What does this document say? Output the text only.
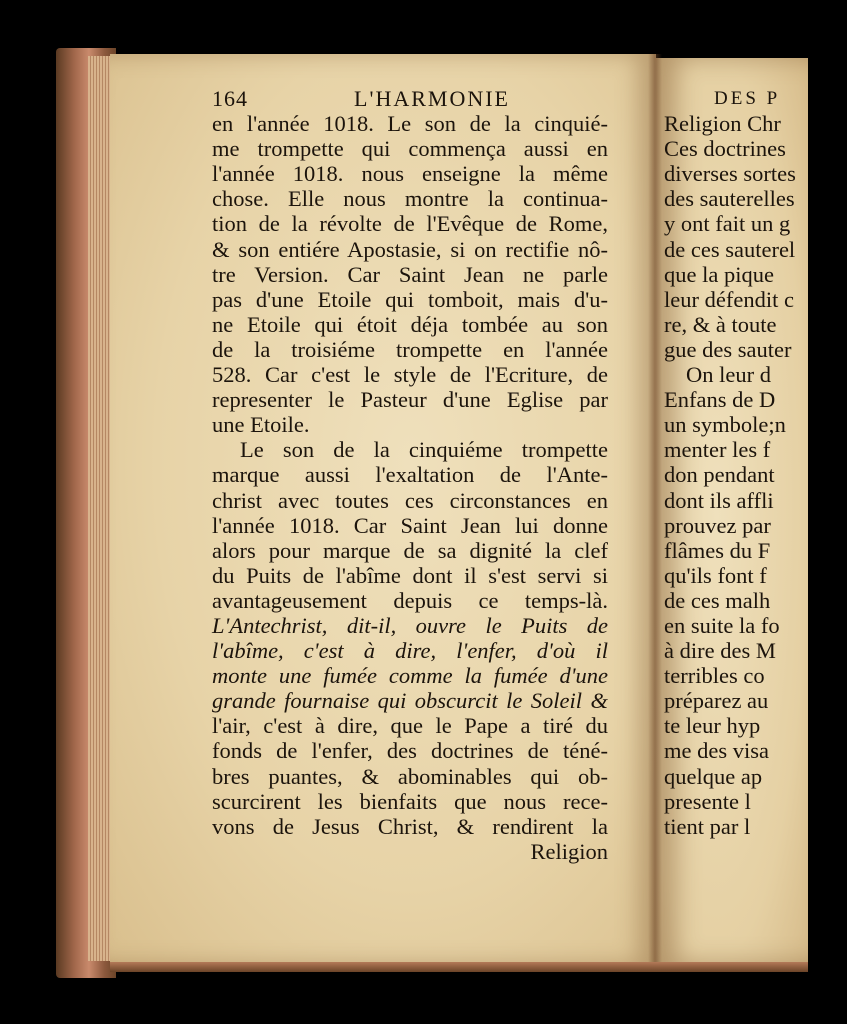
164	L'HARMONIE
en l'année 1018. Le son de la cinquié-
me trompette qui commença aussi en
l'année 1018. nous enseigne la même
chose. Elle nous montre la continua-
tion de la révolte de l'Evêque de Rome,
& son entiére Apostasie, si on rectifie nô-
tre Version. Car Saint Jean ne parle
pas d'une Etoile qui tomboit, mais d'u-
ne Etoile qui étoit déja tombée au son
de la troisiéme trompette en l'année
528. Car c'est le style de l'Ecriture, de
representer le Pasteur d'une Eglise par
une Etoile.
Le son de la cinquiéme trompette
marque aussi l'exaltation de l'Ante-
christ avec toutes ces circonstances en
l'année 1018. Car Saint Jean lui donne
alors pour marque de sa dignité la clef
du Puits de l'abîme dont il s'est servi si
avantageusement depuis ce temps-là.
L'Antechrist, dit-il, ouvre le Puits de
l'abîme, c'est à dire, l'enfer, d'où il
monte une fumée comme la fumée d'une
grande fournaise qui obscurcit le Soleil &
l'air, c'est à dire, que le Pape a tiré du
fonds de l'enfer, des doctrines de téné-
bres puantes, & abominables qui ob-
scurcirent les bienfaits que nous rece-
vons de Jesus Christ, & rendirent la
Religion
DES P
Religion Chr
Ces doctrines
diverses sortes
des sauterelles
y ont fait un g
de ces sauterel
que la pique
leur défendit c
re, & à toute
gue des sauter
On leur d
Enfans de D
un symbole;n
menter les f
don pendant
dont ils affli
prouvez par
flâmes du F
qu'ils font f
de ces malh
en suite la fo
à dire des M
terribles co
préparez au
te leur hyp
me des visa
quelque ap
presente l
tient par l
